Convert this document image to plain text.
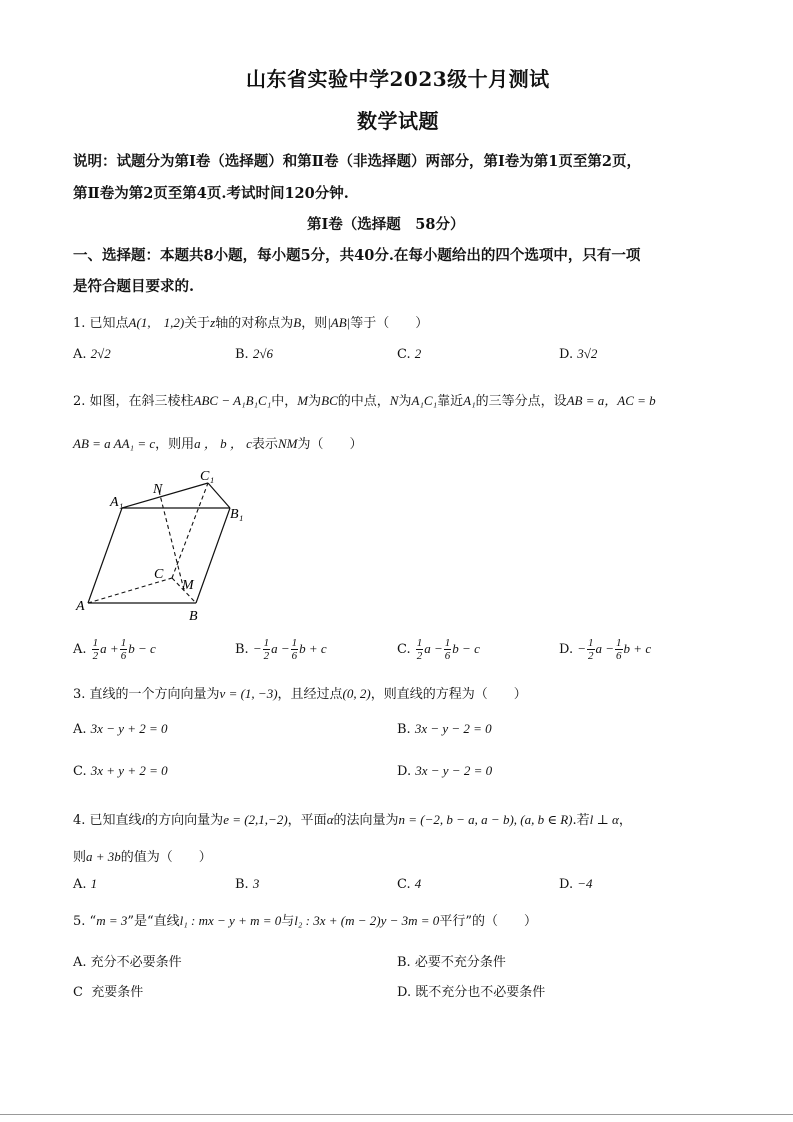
山东省实验中学2023级十月测试
数学试题
说明：试题分为第Ⅰ卷（选择题）和第Ⅱ卷（非选择题）两部分，第Ⅰ卷为第1页至第2页，
第Ⅱ卷为第2页至第4页.考试时间120分钟.
第Ⅰ卷（选择题　58分）
一、选择题：本题共8小题，每小题5分，共40分.在每小题给出的四个选项中，只有一项
是符合题目要求的.
1. 已知点A(1,　1,2)关于z轴的对称点为B，则|AB|等于（　　）
A. 2√2	B. 2√6	C. 2	D. 3√2
2. 如图，在斜三棱柱ABC − A₁B₁C₁中，M为BC的中点，N为A₁C₁靠近A₁的三等分点，设AB = a，AC = b
AB = a AA₁ = c，则用a ， b ， c表示NM为（　　）
A
B
C
A₁
B₁
C₁
N
M
A. $\frac{1}{2}$ $a + \frac{1}{6}$ b − c	B. − $\frac{1}{2}$ $a - \frac{1}{6}$ b + c	C. $\frac{1}{2}$ $a - \frac{1}{6}$ b − c	D. − $\frac{1}{2}$ $a - \frac{1}{6}$ b + c
3. 直线的一个方向向量为v = (1, −3)，且经过点(0, 2)，则直线的方程为（　　）
A. 3x − y + 2 = 0	B. 3x − y − 2 = 0
C. 3x + y + 2 = 0	D. 3x − y − 2 = 0
4. 已知直线l的方向向量为e = (2,1,−2)，平面α的法向量为n = (−2, b − a, a − b), (a, b ∈ R).若l ⊥ α，
则a + 3b的值为（　　）
A. 1	B. 3	C. 4	D. −4
5. “m = 3”是“直线l₁ : mx − y + m = 0与l₂ : 3x + (m − 2)y − 3m = 0平行”的（　　）
A. 充分不必要条件	B. 必要不充分条件
C 充要条件	D. 既不充分也不必要条件
